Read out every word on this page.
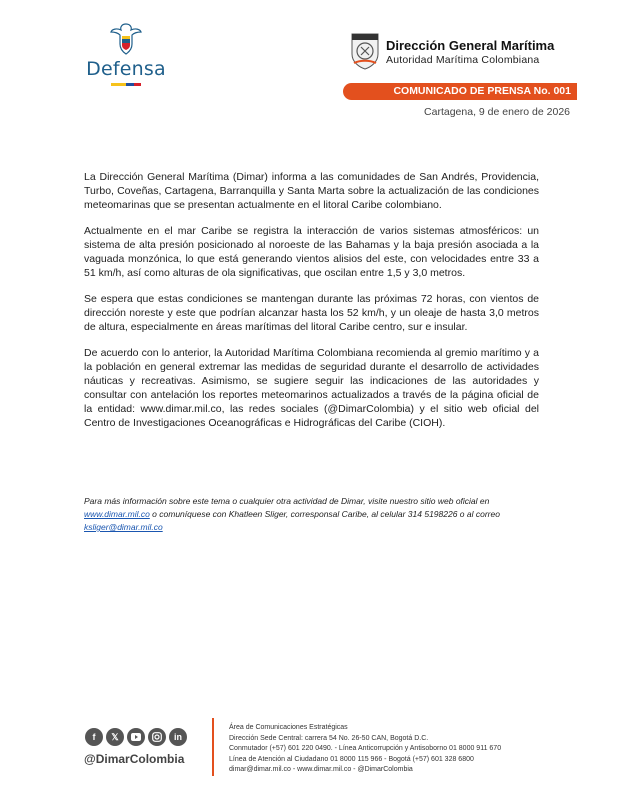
Defensa
Dirección General Marítima
Autoridad Marítima Colombiana
COMUNICADO DE PRENSA No. 001
Cartagena, 9 de enero de 2026

La Dirección General Marítima (Dimar) informa a las comunidades de San Andrés, Providencia, Turbo, Coveñas, Cartagena, Barranquilla y Santa Marta sobre la actualización de las condiciones meteomarinas que se presentan actualmente en el litoral Caribe colombiano.

Actualmente en el mar Caribe se registra la interacción de varios sistemas atmosféricos: un sistema de alta presión posicionado al noroeste de las Bahamas y la baja presión asociada a la vaguada monzónica, lo que está generando vientos alisios del este, con velocidades entre 33 a 51 km/h, así como alturas de ola significativas, que oscilan entre 1,5 y 3,0 metros.

Se espera que estas condiciones se mantengan durante las próximas 72 horas, con vientos de dirección noreste y este que podrían alcanzar hasta los 52 km/h, y un oleaje de hasta 3,0 metros de altura, especialmente en áreas marítimas del litoral Caribe centro, sur e insular.

De acuerdo con lo anterior, la Autoridad Marítima Colombiana recomienda al gremio marítimo y a la población en general extremar las medidas de seguridad durante el desarrollo de actividades náuticas y recreativas. Asimismo, se sugiere seguir las indicaciones de las autoridades y consultar con antelación los reportes meteomarinos actualizados a través de la página oficial de la entidad: www.dimar.mil.co, las redes sociales (@DimarColombia) y el sitio web oficial del Centro de Investigaciones Oceanográficas e Hidrográficas del Caribe (CIOH).

Para más información sobre este tema o cualquier otra actividad de Dimar, visite nuestro sitio web oficial en www.dimar.mil.co o comuníquese con Khatleen Sliger, corresponsal Caribe, al celular 314 5198226 o al correo ksliger@dimar.mil.co
f	𝕏	in
@DimarColombia
Área de Comunicaciones Estratégicas
Dirección Sede Central: carrera 54 No. 26-50 CAN, Bogotá D.C.
Conmutador (+57) 601 220 0490. - Línea Anticorrupción y Antisoborno 01 8000 911 670
Línea de Atención al Ciudadano 01 8000 115 966 - Bogotá (+57) 601 328 6800
dimar@dimar.mil.co - www.dimar.mil.co - @DimarColombia
